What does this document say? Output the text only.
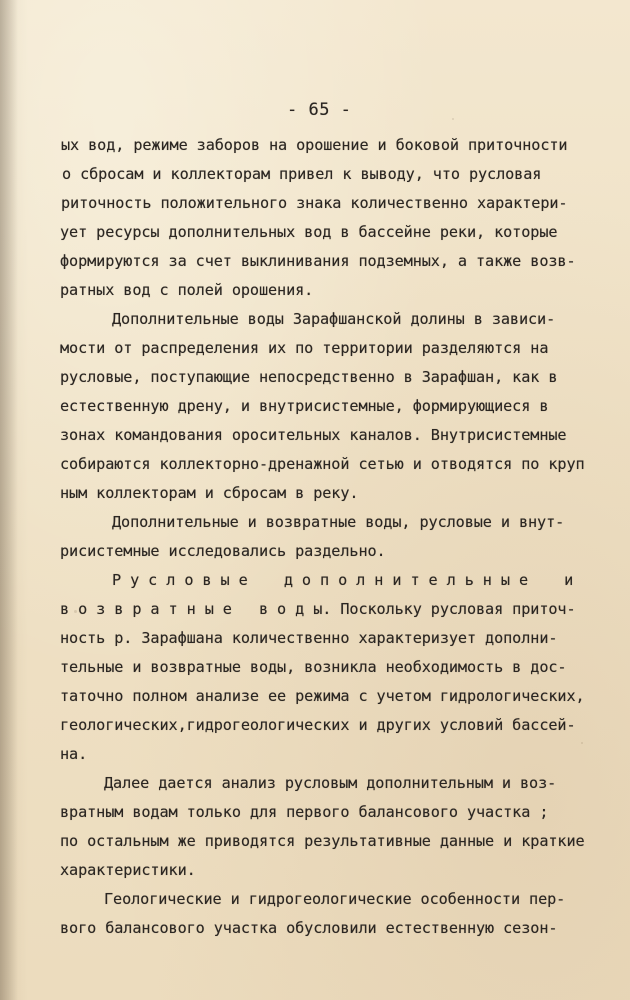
- 65 -
ых вод, режиме заборов на орошение и боковой приточности
о сбросам и коллекторам привел к выводу, что русловая
риточность положительного знака количественно характери-
ует ресурсы дополнительных вод в бассейне реки, которые
формируются за счет выклинивания подземных, а также возв-
ратных вод с полей орошения.
Дополнительные воды Зарафшанской долины в зависи-
мости от распределения их по территории разделяются на
русловые, поступающие непосредственно в Зарафшан, как в
естественную дрену, и внутрисистемные, формирующиеся в
зонах командования оросительных каналов. Внутрисистемные
собираются коллекторно-дренажной сетью и отводятся по круп
ным коллекторам и сбросам в реку.
Дополнительные и возвратные воды, русловые и внут-
рисистемные исследовались раздельно.
Р у с л о в ы е    д о п о л н и т е л ь н ы е    и
в о з в р а т н ы е   в о д ы. Поскольку русловая приточ-
ность р. Зарафшана количественно характеризует дополни-
тельные и возвратные воды, возникла необходимость в дос-
таточно полном анализе ее режима с учетом гидрологических,
геологических,гидрогеологических и других условий бассей-
на.
Далее дается анализ русловым дополнительным и воз-
вратным водам только для первого балансового участка ;
по остальным же приводятся результативные данные и краткие
характеристики.
Геологические и гидрогеологические особенности пер-
вого балансового участка обусловили естественную сезон-
